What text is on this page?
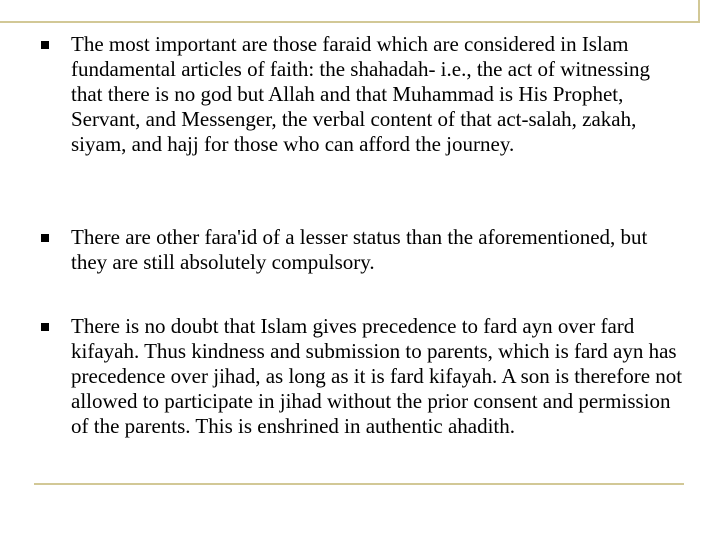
The most important are those faraid which are considered in Islam fundamental articles of faith: the shahadah- i.e., the act of witnessing that there is no god but Allah and that Muhammad is His Prophet, Servant, and Messenger, the verbal content of that act-salah, zakah, siyam, and hajj for those who can afford the journey.

There are other fara'id of a lesser status than the aforementioned, but they are still absolutely compulsory.

There is no doubt that Islam gives precedence to fard ayn over fard kifayah. Thus kindness and submission to parents, which is fard ayn has precedence over jihad, as long as it is fard kifayah. A son is therefore not allowed to participate in jihad without the prior consent and permission of the parents. This is enshrined in authentic ahadith.
